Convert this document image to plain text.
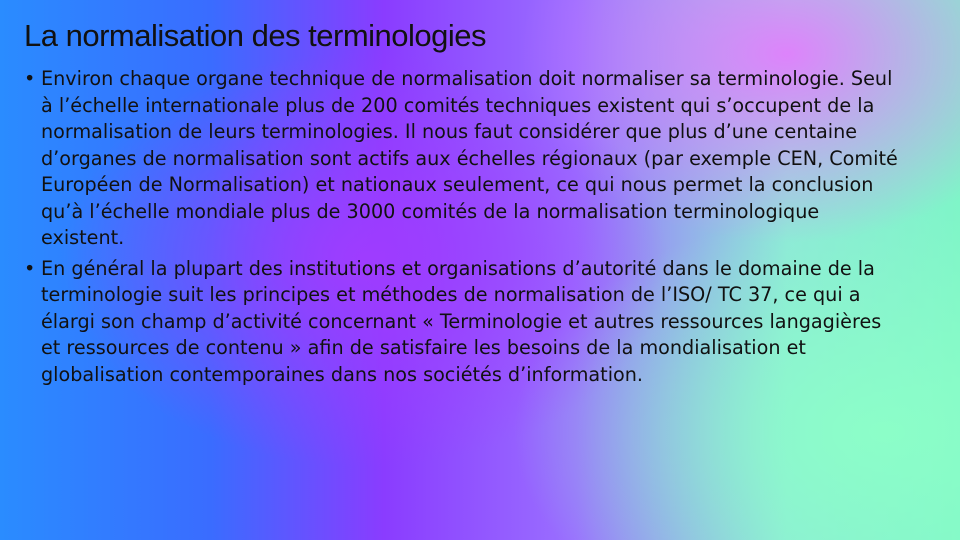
La normalisation des terminologies
• Environ chaque organe technique de normalisation doit normaliser sa terminologie. Seul à l’échelle internationale plus de 200 comités techniques existent qui s’occupent de la normalisation de leurs terminologies. Il nous faut considérer que plus d’une centaine d’organes de normalisation sont actifs aux échelles régionaux (par exemple CEN, Comité Européen de Normalisation) et nationaux seulement, ce qui nous permet la conclusion qu’à l’échelle mondiale plus de 3000 comités de la normalisation terminologique existent.
• En général la plupart des institutions et organisations d’autorité dans le domaine de la terminologie suit les principes et méthodes de normalisation de l’ISO/ TC 37, ce qui a élargi son champ d’activité concernant « Terminologie et autres ressources langagières et ressources de contenu » afin de satisfaire les besoins de la mondialisation et globalisation contemporaines dans nos sociétés d’information.
